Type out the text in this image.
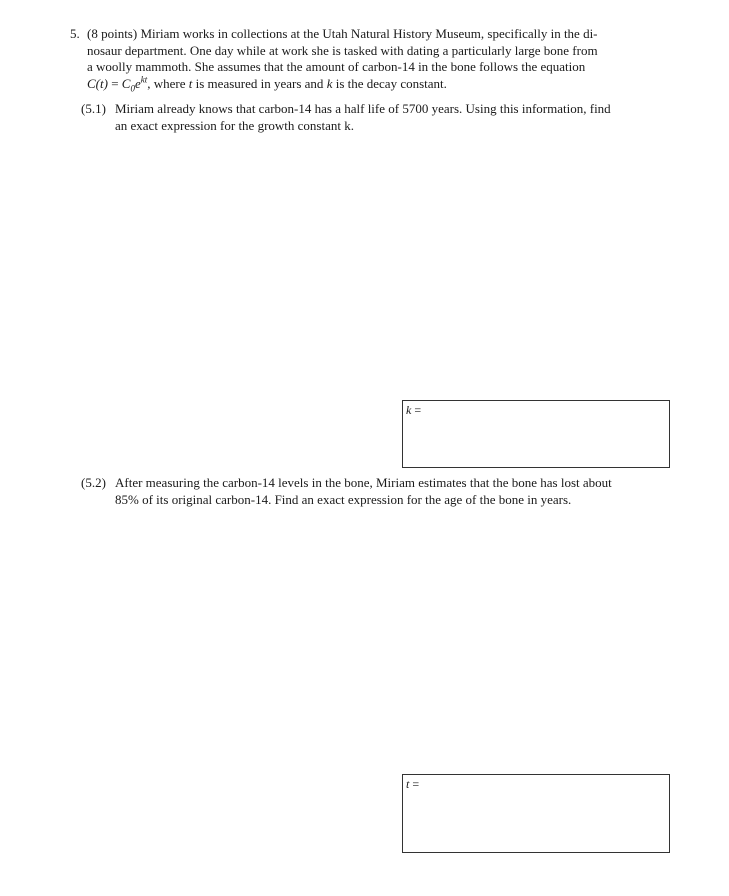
5. (8 points) Miriam works in collections at the Utah Natural History Museum, specifically in the di-
nosaur department. One day while at work she is tasked with dating a particularly large bone from
a woolly mammoth. She assumes that the amount of carbon-14 in the bone follows the equation
$C(t) = C_0e^{kt}$, where t is measured in years and k is the decay constant.
(5.1) Miriam already knows that carbon-14 has a half life of 5700 years. Using this information, find
an exact expression for the growth constant k.
k =
(5.2) After measuring the carbon-14 levels in the bone, Miriam estimates that the bone has lost about
85% of its original carbon-14. Find an exact expression for the age of the bone in years.
t =
